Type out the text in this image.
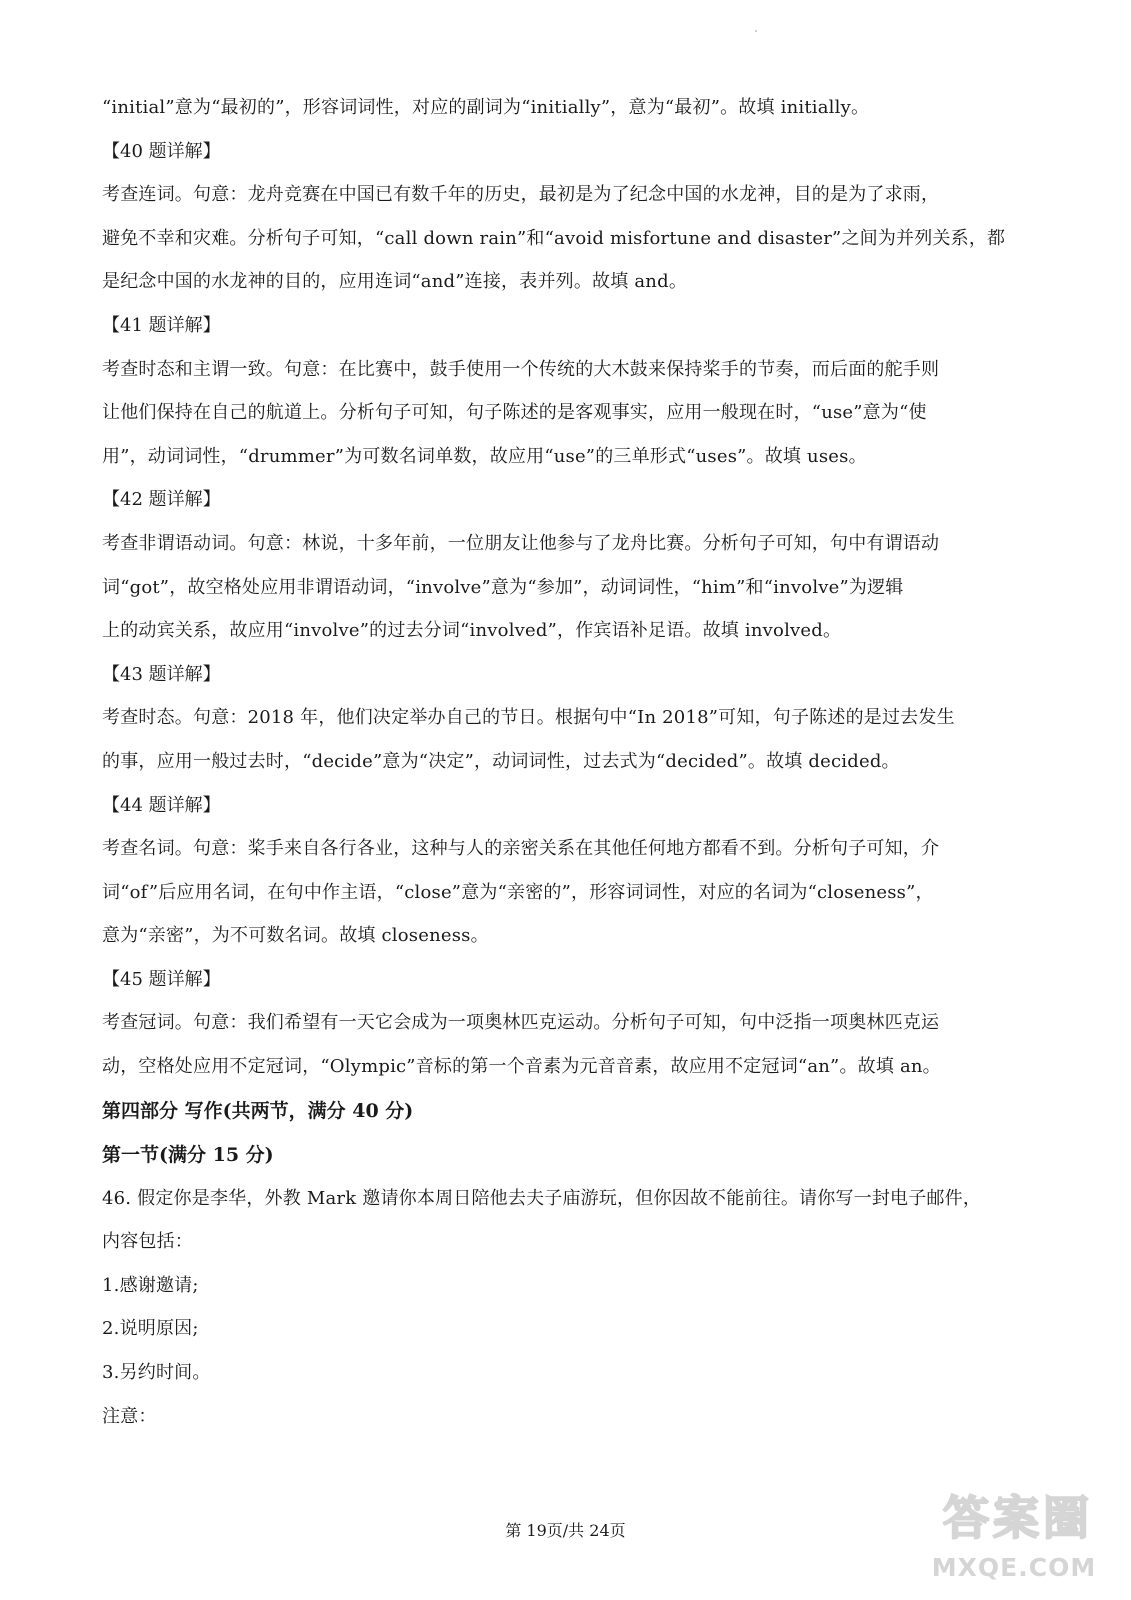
“initial”意为“最初的”，形容词词性，对应的副词为“initially”，意为“最初”。故填 initially。
【40 题详解】
考查连词。句意：龙舟竞赛在中国已有数千年的历史，最初是为了纪念中国的水龙神，目的是为了求雨，
避免不幸和灾难。分析句子可知，“call down rain”和“avoid misfortune and disaster”之间为并列关系，都
是纪念中国的水龙神的目的，应用连词“and”连接，表并列。故填 and。
【41 题详解】
考查时态和主谓一致。句意：在比赛中，鼓手使用一个传统的大木鼓来保持桨手的节奏，而后面的舵手则
让他们保持在自己的航道上。分析句子可知，句子陈述的是客观事实，应用一般现在时，“use”意为“使
用”，动词词性，“drummer”为可数名词单数，故应用“use”的三单形式“uses”。故填 uses。
【42 题详解】
考查非谓语动词。句意：林说，十多年前，一位朋友让他参与了龙舟比赛。分析句子可知，句中有谓语动
词“got”，故空格处应用非谓语动词，“involve”意为“参加”，动词词性，“him”和“involve”为逻辑
上的动宾关系，故应用“involve”的过去分词“involved”，作宾语补足语。故填 involved。
【43 题详解】
考查时态。句意：2018 年，他们决定举办自己的节日。根据句中“In 2018”可知，句子陈述的是过去发生
的事，应用一般过去时，“decide”意为“决定”，动词词性，过去式为“decided”。故填 decided。
【44 题详解】
考查名词。句意：桨手来自各行各业，这种与人的亲密关系在其他任何地方都看不到。分析句子可知，介
词“of”后应用名词，在句中作主语，“close”意为“亲密的”，形容词词性，对应的名词为“closeness”，
意为“亲密”，为不可数名词。故填 closeness。
【45 题详解】
考查冠词。句意：我们希望有一天它会成为一项奥林匹克运动。分析句子可知，句中泛指一项奥林匹克运
动，空格处应用不定冠词，“Olympic”音标的第一个音素为元音音素，故应用不定冠词“an”。故填 an。
第四部分 写作(共两节，满分 40 分)
第一节(满分 15 分)
46. 假定你是李华，外教 Mark 邀请你本周日陪他去夫子庙游玩，但你因故不能前往。请你写一封电子邮件，
内容包括：
1.感谢邀请;
2.说明原因;
3.另约时间。
注意：
第 19页/共 24页	答案圈
MXQE.COM
